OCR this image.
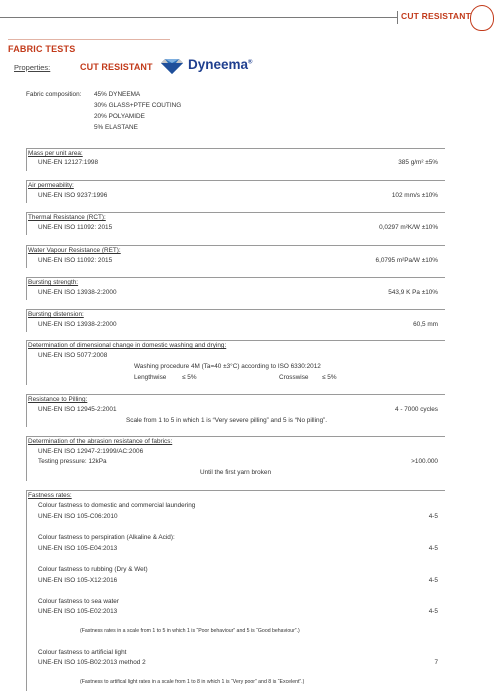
CUT RESISTANT
FABRIC TESTS
Properties:	CUT RESISTANT	Dyneema®
Fabric composition: 45% DYNEEMA
30% GLASS+PTFE COUTING
20% POLYAMIDE
5% ELASTANE
Mass per unit area:
UNE-EN 12127:1998	385 g/m² ±5%
Air permeability:
UNE-EN ISO 9237:1996	102 mm/s ±10%
Thermal Resistance (RCT):
UNE-EN ISO 11092: 2015	0,0297 m²K/W ±10%
Water Vapour Resistance (RET):
UNE-EN ISO 11092: 2015	6,0795 m²Pa/W ±10%
Bursting strength:
UNE-EN ISO 13938-2:2000	543,9 K Pa ±10%
Bursting distension:
UNE-EN ISO 13938-2:2000	60,5 mm
Determination of dimensional change in domestic washing and drying:
UNE-EN ISO 5077:2008
Washing procedure 4M (Ta=40 ±3°C) according to ISO 6330:2012
Lengthwise ≤ 5%	Crosswise ≤ 5%
Resistance to Pilling:
UNE-EN ISO 12945-2:2001	4 - 7000 cycles
Scale from 1 to 5 in which 1 is “Very severe pilling” and 5 is “No pilling”.
Determination of the abrasion resistance of fabrics:
UNE-EN ISO 12947-2:1999/AC:2006
Testing pressure: 12kPa	>100.000
Until the first yarn broken
Fastness rates:
Colour fastness to domestic and commercial laundering
UNE-EN ISO 105-C06:2010	4-5
Colour fastness to perspiration (Alkaline & Acid):
UNE-EN ISO 105-E04:2013	4-5
Colour fastness to rubbing (Dry & Wet)
UNE-EN ISO 105-X12:2016	4-5
Colour fastness to sea water
UNE-EN ISO 105-E02:2013	4-5
(Fastness rates in a scale from 1 to 5 in which 1 is “Poor behaviour” and 5 is “Good behaviour”.)
Colour fastness to artificial light
UNE-EN ISO 105-B02:2013 method 2	7
(Fastness to artifical light rates in a scale from 1 to 8 in which 1 is “Very poor” and 8 is “Excelent”.)
